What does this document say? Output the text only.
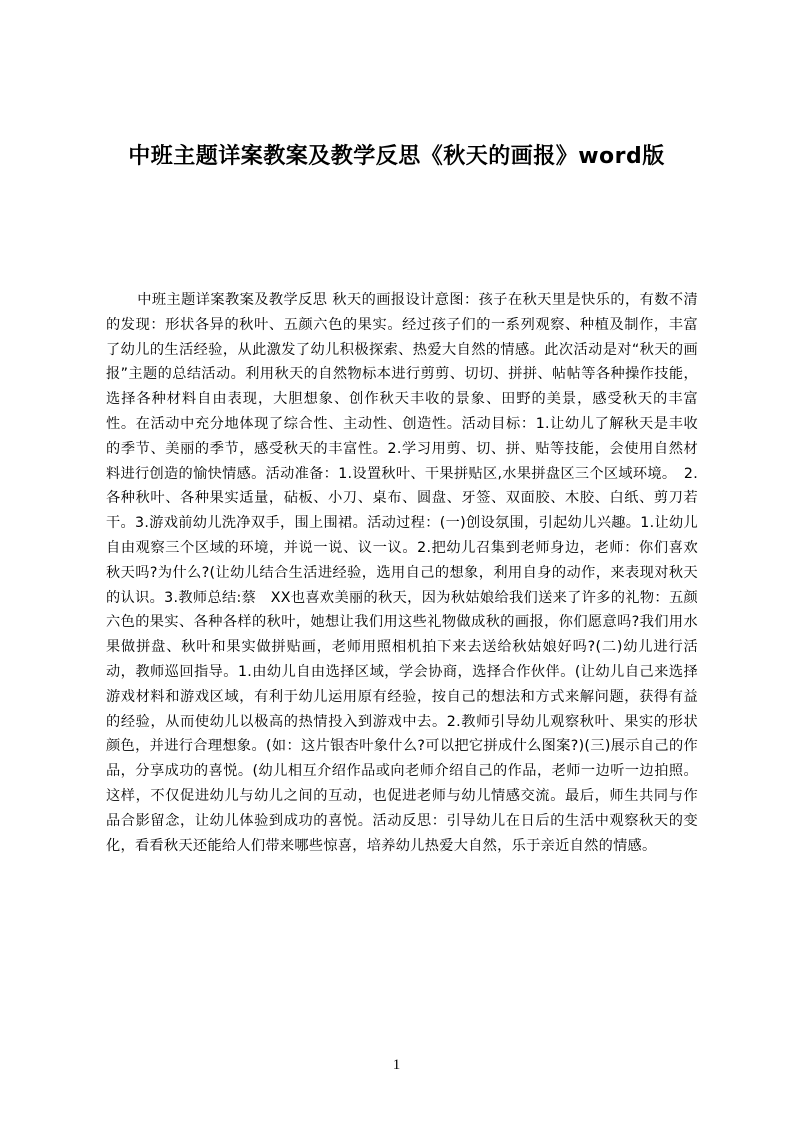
中班主题详案教案及教学反思《秋天的画报》word版

中班主题详案教案及教学反思 秋天的画报设计意图：孩子在秋天里是快乐的，有数不清的发现：形状各异的秋叶、五颜六色的果实。经过孩子们的一系列观察、种植及制作，丰富了幼儿的生活经验，从此激发了幼儿积极探索、热爱大自然的情感。此次活动是对“秋天的画报”主题的总结活动。利用秋天的自然物标本进行剪剪、切切、拼拼、帖帖等各种操作技能，选择各种材料自由表现，大胆想象、创作秋天丰收的景象、田野的美景，感受秋天的丰富性。在活动中充分地体现了综合性、主动性、创造性。活动目标：1.让幼儿了解秋天是丰收的季节、美丽的季节，感受秋天的丰富性。2.学习用剪、切、拼、贴等技能，会使用自然材料进行创造的愉快情感。活动准备：1.设置秋叶、干果拼贴区,水果拼盘区三个区域环境。　2.各种秋叶、各种果实适量，砧板、小刀、桌布、圆盘、牙签、双面胶、木胶、白纸、剪刀若干。3.游戏前幼儿洗净双手，围上围裙。活动过程：(一)创设氛围，引起幼儿兴趣。1.让幼儿自由观察三个区域的环境，并说一说、议一议。2.把幼儿召集到老师身边，老师：你们喜欢秋天吗?为什么?(让幼儿结合生活进经验，选用自己的想象，利用自身的动作，来表现对秋天的认识。3.教师总结:蔡　XX也喜欢美丽的秋天，因为秋姑娘给我们送来了许多的礼物：五颜六色的果实、各种各样的秋叶，她想让我们用这些礼物做成秋的画报，你们愿意吗?我们用水果做拼盘、秋叶和果实做拼贴画，老师用照相机拍下来去送给秋姑娘好吗?(二)幼儿进行活动，教师巡回指导。1.由幼儿自由选择区域，学会协商，选择合作伙伴。(让幼儿自己来选择游戏材料和游戏区域，有利于幼儿运用原有经验，按自己的想法和方式来解问题，获得有益的经验，从而使幼儿以极高的热情投入到游戏中去。2.教师引导幼儿观察秋叶、果实的形状颜色，并进行合理想象。(如：这片银杏叶象什么?可以把它拼成什么图案?)(三)展示自己的作品，分享成功的喜悦。(幼儿相互介绍作品或向老师介绍自己的作品，老师一边听一边拍照。这样，不仅促进幼儿与幼儿之间的互动，也促进老师与幼儿情感交流。最后，师生共同与作品合影留念，让幼儿体验到成功的喜悦。活动反思：引导幼儿在日后的生活中观察秋天的变化，看看秋天还能给人们带来哪些惊喜，培养幼儿热爱大自然，乐于亲近自然的情感。

1
